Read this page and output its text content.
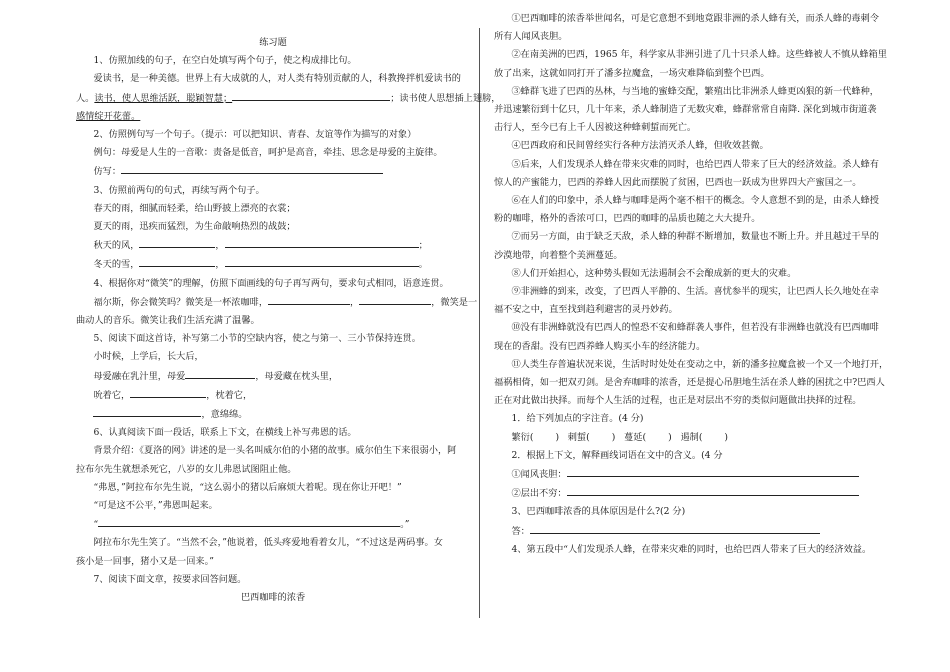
练习题

1、仿照加线的句子，在空白处填写两个句子，使之构成排比句。

爱读书，是一种美德。世界上有大成就的人，对人类有特别贡献的人，科教搀拌机爱读书的

人。读书，使人思维活跃，聪颖智慧；	；读书使人思想插上翅膀，

感情绽开花蕾。

2、仿照例句写一个句子。（提示：可以把知识、青春、友谊等作为描写的对象）

例句：母爱是人生的一音歌：责备是低音，呵护是高音，牵挂、思念是母爱的主旋律。

仿写：

3、仿照前两句的句式，再续写两个句子。

春天的雨，细腻而轻柔，给山野披上漂亮的衣裳；

夏天的雨，迅疾而猛烈，为生命敲响热烈的战鼓；

秋天的风，	，	；

冬天的雪，	，	。

4、根据你对“微笑”的理解，仿照下面画线的句子再写两句，要求句式相同，语意连贯。

福尔斯，你会微笑吗？微笑是一杯浓咖啡，	，	，微笑是一

曲动人的音乐。微笑让我们生活充满了温馨。

5、阅读下面这首诗，补写第二小节的空缺内容，使之与第一、三小节保持连贯。

小时候，上学后，长大后，

母爱融在乳汁里，母爱	，母爱藏在枕头里，

吮着它，	，枕着它，

，意绵绵。

6、认真阅读下面一段话，联系上下文，在横线上补写弗恩的话。

背景介绍：《夏洛的网》讲述的是一头名叫威尔伯的小猪的故事。威尔伯生下来很弱小，阿

拉布尔先生就想杀死它，八岁的女儿弗恩试图阻止他。

“弗恩，”阿拉布尔先生说，“这么弱小的猪以后麻烦大着呢。现在你让开吧！”

“可是这不公平，”弗恩叫起来。

“	。”

阿拉布尔先生笑了。“当然不会，”他说着，低头疼爱地看着女儿，“不过这是两码事。女

孩小是一回事，猪小又是一回来。”

7、阅读下面文章，按要求回答问题。

巴西咖啡的浓香

①巴西咖啡的浓香举世闻名，可是它意想不到地竟跟非洲的杀人蜂有关，而杀人蜂的毒刺令

所有人闻风丧胆。

②在南美洲的巴西，1965 年，科学家从非洲引进了几十只杀人蜂。这些蜂被人不慎从蜂箱里

放了出来，这就如同打开了潘多拉魔盒，一场灾难降临到整个巴西。

③蜂群飞进了巴西的丛林，与当地的蜜蜂交配，繁殖出比非洲杀人蜂更凶狠的新一代蜂种，

并迅速繁衍到十亿只，几十年来，杀人蜂制造了无数灾难，蜂群常常自南降. 深化到城市街道袭

击行人，至今已有上千人因被这种蜂刺蜇而死亡。

④巴西政府和民间曾经实行各种方法消灭杀人蜂，但收效甚微。

⑤后来，人们发现杀人蜂在带来灾难的同时，也给巴西人带来了巨大的经济效益。杀人蜂有

惊人的产蜜能力，巴西的养蜂人因此而摆脱了贫困，巴西也一跃成为世界四大产蜜国之一。

⑥在人们的印象中，杀人蜂与咖啡是两个毫不相干的概念。令人意想不到的是，由杀人蜂授

粉的咖啡，格外的香浓可口，巴西的咖啡的品质也随之大大提升。

⑦而另一方面，由于缺乏天敌，杀人蜂的种群不断增加，数量也不断上升。并且越过干旱的

沙漠地带，向着整个美洲蔓延。

⑧人们开始担心，这种势头假如无法遏制会不会酿成新的更大的灾难。

⑨非洲蜂的到来，改变，了巴西人平静的、生活。喜忧参半的现实，让巴西人长久地处在幸

福不安之中，直至找到趋利避害的灵丹妙药。

⑩没有非洲蜂就没有巴西人的惶恐不安和蜂群袭人事件，但若没有非洲蜂也就没有巴西咖啡

现在的香甜。没有巴西养蜂人购买小车的经济能力。

⑪人类生存普遍状况来说，生活时时处处在变动之中，新的潘多拉魔盒被一个又一个地打开，

福祸相倚，如一把双刃剑。是舍弃咖啡的浓香，还是提心吊胆地生活在杀人蜂的困扰之中?巴西人

正在对此做出抉择。而每个人生活的过程，也正是对层出不穷的类似问题做出抉择的过程。

1．给下列加点的字注音。(4 分)

繁衍( ) 刺蜇( ) 蔓延( ) 遏制( )

2．根据上下文，解释画线词语在文中的含义。(4 分

①闻风丧胆：

②层出不穷：

3、巴西咖啡浓香的具体原因是什么?(2 分)

答：

4、第五段中“人们发现杀人蜂，在带来灾难的同时，也给巴西人带来了巨大的经济效益。
